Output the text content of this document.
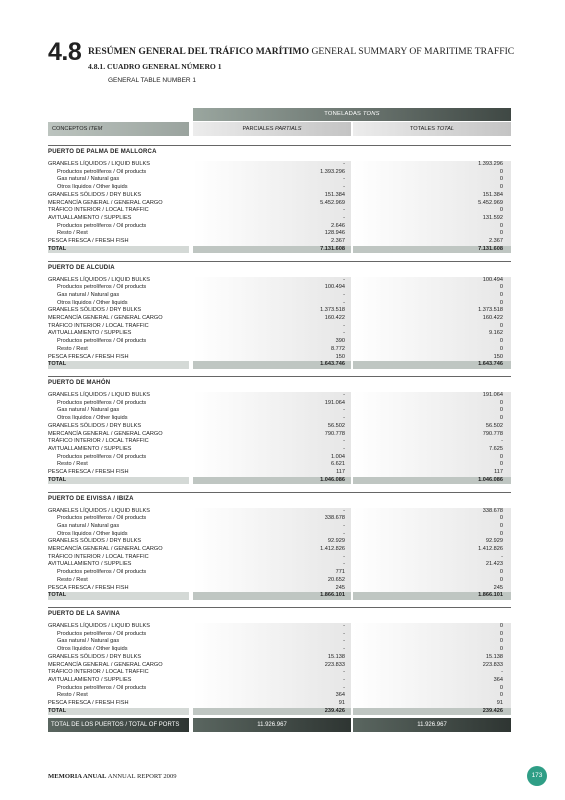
4.8 RESÚMEN GENERAL DEL TRÁFICO MARÍTIMO GENERAL SUMMARY OF MARITIME TRAFFIC
4.8.1. CUADRO GENERAL NÚMERO 1
GENERAL TABLE NUMBER 1
TONELADAS TONS
CONCEPTOS ITEM	PARCIALES PARTIALS	TOTALES TOTAL
PUERTO DE PALMA DE MALLORCA
GRANELES LÍQUIDOS / LIQUID BULKS	-	1.393.296
Productos petrolíferos / Oil products	1.393.296	0
Gas natural / Natural gas	-	0
Otros líquidos / Other liquids	-	0
GRANELES SÓLIDOS / DRY BULKS	151.384	151.384
MERCANCÍA GENERAL / GENERAL CARGO	5.452.969	5.452.969
TRÁFICO INTERIOR / LOCAL TRAFFIC	-	0
AVITUALLAMIENTO / SUPPLIES	-	131.592
Productos petrolíferos / Oil products	2.646	0
Resto / Rest	128.946	0
PESCA FRESCA / FRESH FISH	2.367	2.367
TOTAL	7.131.608	7.131.608
PUERTO DE ALCUDIA
GRANELES LÍQUIDOS / LIQUID BULKS	-	100.494
Productos petrolíferos / Oil products	100.494	0
Gas natural / Natural gas	-	0
Otros líquidos / Other liquids	-	0
GRANELES SÓLIDOS / DRY BULKS	1.373.518	1.373.518
MERCANCÍA GENERAL / GENERAL CARGO	160.422	160.422
TRÁFICO INTERIOR / LOCAL TRAFFIC	-	0
AVITUALLAMIENTO / SUPPLIES	-	9.162
Productos petrolíferos / Oil products	390	0
Resto / Rest	8.772	0
PESCA FRESCA / FRESH FISH	150	150
TOTAL	1.643.746	1.643.746
PUERTO DE MAHÓN
GRANELES LÍQUIDOS / LIQUID BULKS	-	191.064
Productos petrolíferos / Oil products	191.064	0
Gas natural / Natural gas	-	0
Otros líquidos / Other liquids	-	0
GRANELES SÓLIDOS / DRY BULKS	56.502	56.502
MERCANCÍA GENERAL / GENERAL CARGO	790.778	790.778
TRÁFICO INTERIOR / LOCAL TRAFFIC	-	-
AVITUALLAMIENTO / SUPPLIES	-	7.625
Productos petrolíferos / Oil products	1.004	0
Resto / Rest	6.621	0
PESCA FRESCA / FRESH FISH	117	117
TOTAL	1.046.086	1.046.086
PUERTO DE EIVISSA / IBIZA
GRANELES LÍQUIDOS / LIQUID BULKS	-	338.678
Productos petrolíferos / Oil products	338.678	0
Gas natural / Natural gas	-	0
Otros líquidos / Other liquids	-	0
GRANELES SÓLIDOS / DRY BULKS	92.929	92.929
MERCANCÍA GENERAL / GENERAL CARGO	1.412.826	1.412.826
TRÁFICO INTERIOR / LOCAL TRAFFIC	-	-
AVITUALLAMIENTO / SUPPLIES	-	21.423
Productos petrolíferos / Oil products	771	0
Resto / Rest	20.652	0
PESCA FRESCA / FRESH FISH	245	245
TOTAL	1.866.101	1.866.101
PUERTO DE LA SAVINA
GRANELES LÍQUIDOS / LIQUID BULKS	-	0
Productos petrolíferos / Oil products	-	0
Gas natural / Natural gas	-	0
Otros líquidos / Other liquids	-	0
GRANELES SÓLIDOS / DRY BULKS	15.138	15.138
MERCANCÍA GENERAL / GENERAL CARGO	223.833	223.833
TRÁFICO INTERIOR / LOCAL TRAFFIC	-	-
AVITUALLAMIENTO / SUPPLIES	-	364
Productos petrolíferos / Oil products	-	0
Resto / Rest	364	0
PESCA FRESCA / FRESH FISH	91	91
TOTAL	239.426	239.426
TOTAL DE LOS PUERTOS / TOTAL OF PORTS	11.926.967	11.926.967
MEMORIA ANUAL ANNUAL REPORT 2009	173
